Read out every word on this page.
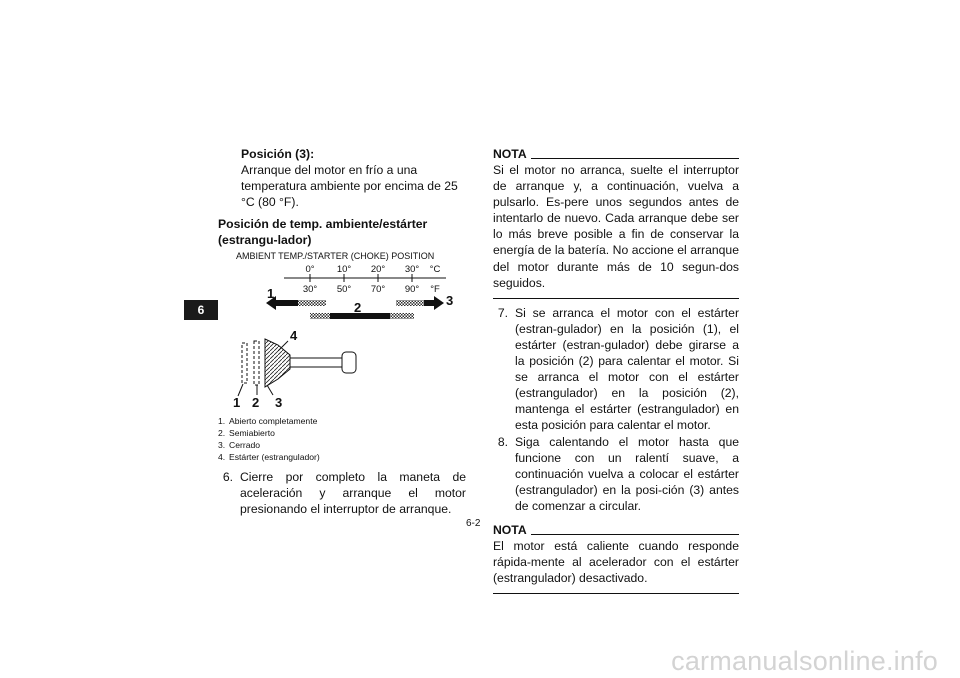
6
Posición (3):
Arranque del motor en frío a una temperatura ambiente por encima de 25 °C (80 °F).
Posición de temp. ambiente/estárter (estrangu-lador)
AMBIENT TEMP./STARTER (CHOKE) POSITION
0° 10° 20° 30° °C
30° 50° 70° 90° °F
1
2	3
4
1 2 3
1. Abierto completamente
2. Semiabierto
3. Cerrado
4. Estárter (estrangulador)
6. Cierre por completo la maneta de aceleración y arranque el motor presionando el interruptor de arranque.
NOTA
Si el motor no arranca, suelte el interruptor de arranque y, a continuación, vuelva a pulsarlo. Es-pere unos segundos antes de intentarlo de nuevo. Cada arranque debe ser lo más breve posible a fin de conservar la energía de la batería. No accione el arranque del motor durante más de 10 segun-dos seguidos.
7. Si se arranca el motor con el estárter (estran-gulador) en la posición (1), el estárter (estran-gulador) debe girarse a la posición (2) para calentar el motor. Si se arranca el motor con el estárter (estrangulador) en la posición (2), mantenga el estárter (estrangulador) en esta posición para calentar el motor.
8. Siga calentando el motor hasta que funcione con un ralentí suave, a continuación vuelva a colocar el estárter (estrangulador) en la posi-ción (3) antes de comenzar a circular.
NOTA
El motor está caliente cuando responde rápida-mente al acelerador con el estárter (estrangulador) desactivado.
6-2
carmanualsonline.info
